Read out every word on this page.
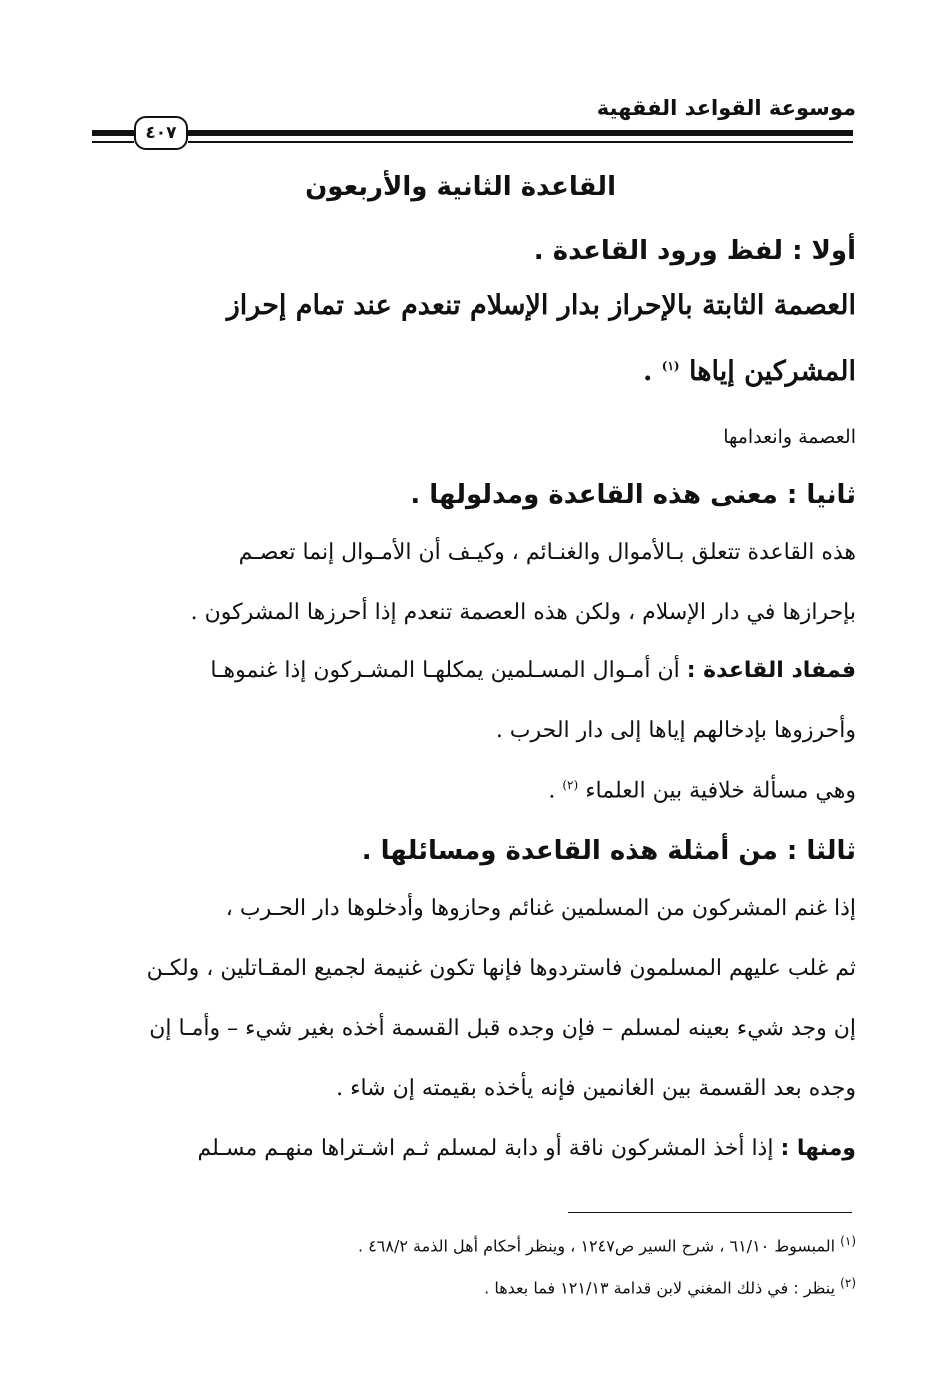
موسوعة القواعد الفقهية
٤٠٧
القاعدة الثانية والأربعون
أولا : لفظ ورود القاعدة .
العصمة الثابتة بالإحراز بدار الإسلام تنعدم عند تمام إحراز
المشركين إياها $^{(١)}$ .
العصمة وانعدامها
ثانيا : معنى هذه القاعدة ومدلولها .
هذه القاعدة تتعلق بـالأموال والغنـائم ، وكيـف أن الأمـوال إنما تعصـم
بإحرازها في دار الإسلام ، ولكن هذه العصمة تنعدم إذا أحرزها المشركون .
فمفاد القاعدة : أن أمـوال المسـلمين يمكلهـا المشـركون إذا غنموهـا
وأحرزوها بإدخالهم إياها إلى دار الحرب .
وهي مسألة خلافية بين العلماء $^{(٢)}$ .
ثالثا : من أمثلة هذه القاعدة ومسائلها .
إذا غنم المشركون من المسلمين غنائم وحازوها وأدخلوها دار الحـرب ،
ثم غلب عليهم المسلمون فاستردوها فإنها تكون غنيمة لجميع المقـاتلين ، ولكـن
إن وجد شيء بعينه لمسلم – فإن وجده قبل القسمة أخذه بغير شيء – وأمـا إن
وجده بعد القسمة بين الغانمين فإنه يأخذه بقيمته إن شاء .
ومنها : إذا أخذ المشركون ناقة أو دابة لمسلم ثـم اشـتراها منهـم مسـلم
$^{(١)}$ المبسوط ٦١/١٠ ، شرح السير ص١٢٤٧ ، وينظر أحكام أهل الذمة ٤٦٨/٢ .
$^{(٢)}$ ينظر : في ذلك المغني لابن قدامة ١٢١/١٣ فما بعدها .
